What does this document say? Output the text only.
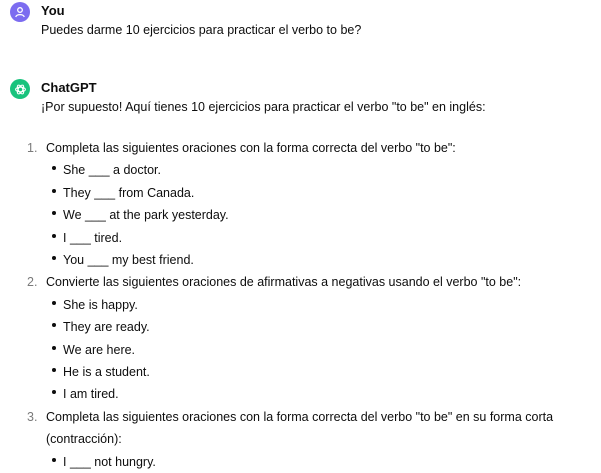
You
Puedes darme 10 ejercicios para practicar el verbo to be?
ChatGPT
¡Por supuesto! Aquí tienes 10 ejercicios para practicar el verbo "to be" en inglés:
1. Completa las siguientes oraciones con la forma correcta del verbo "to be":
She ___ a doctor.
They ___ from Canada.
We ___ at the park yesterday.
I ___ tired.
You ___ my best friend.
2. Convierte las siguientes oraciones de afirmativas a negativas usando el verbo "to be":
She is happy.
They are ready.
We are here.
He is a student.
I am tired.
3. Completa las siguientes oraciones con la forma correcta del verbo "to be" en su forma corta (contracción):
I ___ not hungry.
